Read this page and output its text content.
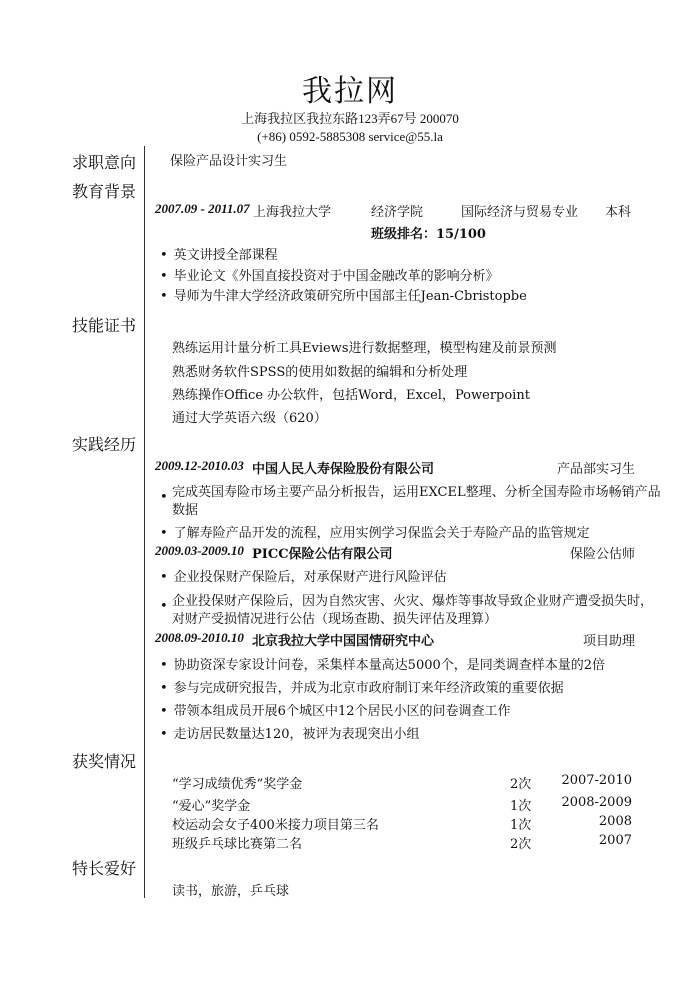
我拉网
上海我拉区我拉东路123弄67号 200070
(+86) 0592-5885308 service@55.la
求职意向
教育背景
技能证书
实践经历
获奖情况
特长爱好
保险产品设计实习生
2007.09 - 2011.07 上海我拉大学	经济学院	国际经济与贸易专业 本科
班级排名：15/100
• 英文讲授全部课程
• 毕业论文《外国直接投资对于中国金融改革的影响分析》
• 导师为牛津大学经济政策研究所中国部主任Jean-Cbristopbe
熟练运用计量分析工具Eviews进行数据整理，模型构建及前景预测
熟悉财务软件SPSS的使用如数据的编辑和分析处理
熟练操作Office 办公软件，包括Word，Excel，Powerpoint
通过大学英语六级（620）
2009.12-2010.03 中国人民人寿保险股份有限公司	产品部实习生
• 完成英国寿险市场主要产品分析报告，运用EXCEL整理、分析全国寿险市场畅销产品
数据
• 了解寿险产品开发的流程，应用实例学习保监会关于寿险产品的监管规定
2009.03-2009.10 PICC保险公估有限公司	保险公估师
• 企业投保财产保险后，对承保财产进行风险评估
• 企业投保财产保险后，因为自然灾害、火灾、爆炸等事故导致企业财产遭受损失时，
对财产受损情况进行公估（现场查勘、损失评估及理算）
2008.09-2010.10 北京我拉大学中国国情研究中心	项目助理
• 协助资深专家设计问卷，采集样本量高达5000个，是同类调查样本量的2倍
• 参与完成研究报告，并成为北京市政府制订来年经济政策的重要依据
• 带领本组成员开展6个城区中12个居民小区的问卷调查工作
• 走访居民数量达120，被评为表现突出小组
“学习成绩优秀”奖学金	2次 2007-2010
“爱心”奖学金	1次 2008-2009
校运动会女子400米接力项目第三名	1次	2008
班级乒乓球比赛第二名	2次	2007
读书，旅游，乒乓球
